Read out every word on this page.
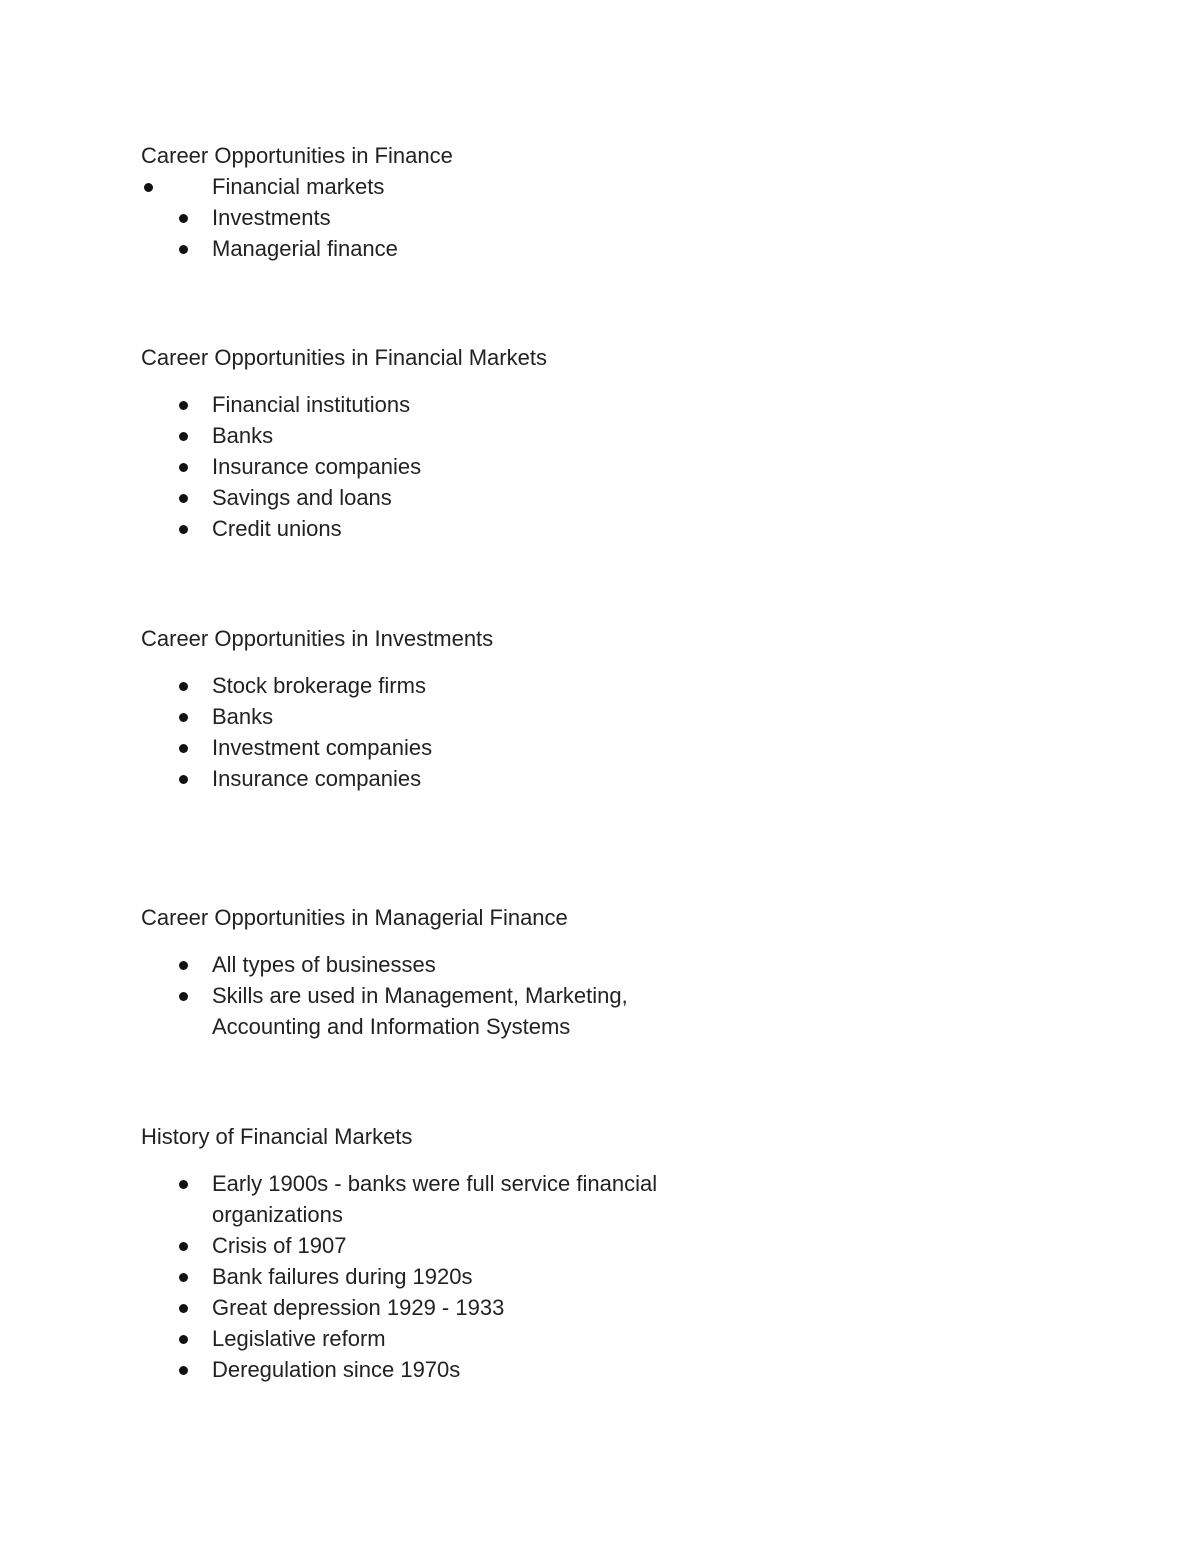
Career Opportunities in Finance
Financial markets
Investments
Managerial finance
Career Opportunities in Financial Markets
Financial institutions
Banks
Insurance companies
Savings and loans
Credit unions
Career Opportunities in Investments
Stock brokerage firms
Banks
Investment companies
Insurance companies
Career Opportunities in Managerial Finance
All types of businesses
Skills are used in Management, Marketing, Accounting and Information Systems
History of Financial Markets
Early 1900s - banks were full service financial organizations
Crisis of 1907
Bank failures during 1920s
Great depression 1929 - 1933
Legislative reform
Deregulation since 1970s
